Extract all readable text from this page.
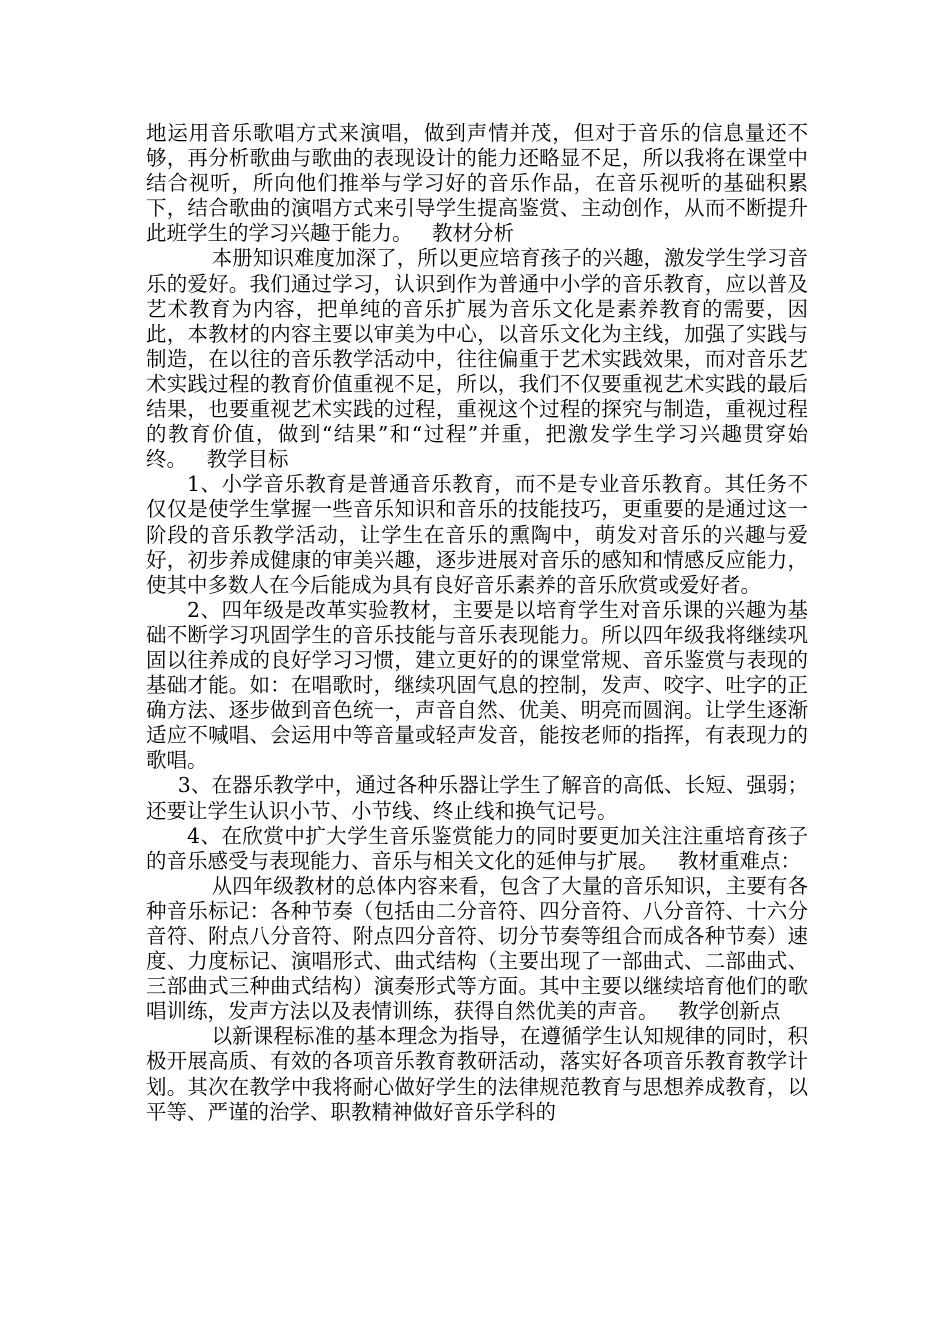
地运用音乐歌唱方式来演唱，做到声情并茂，但对于音乐的信息量还不够，再分析歌曲与歌曲的表现设计的能力还略显不足，所以我将在课堂中结合视听，所向他们推举与学习好的音乐作品，在音乐视听的基础积累下，结合歌曲的演唱方式来引导学生提高鉴赏、主动创作，从而不断提升此班学生的学习兴趣于能力。 教材分析

本册知识难度加深了，所以更应培育孩子的兴趣，激发学生学习音乐的爱好。我们通过学习，认识到作为普通中小学的音乐教育，应以普及艺术教育为内容，把单纯的音乐扩展为音乐文化是素养教育的需要，因此，本教材的内容主要以审美为中心，以音乐文化为主线，加强了实践与制造，在以往的音乐教学活动中，往往偏重于艺术实践效果，而对音乐艺术实践过程的教育价值重视不足，所以，我们不仅要重视艺术实践的最后结果，也要重视艺术实践的过程，重视这个过程的探究与制造，重视过程的教育价值，做到“结果”和“过程”并重，把激发学生学习兴趣贯穿始终。 教学目标

1、小学音乐教育是普通音乐教育，而不是专业音乐教育。其任务不仅仅是使学生掌握一些音乐知识和音乐的技能技巧，更重要的是通过这一阶段的音乐教学活动，让学生在音乐的熏陶中，萌发对音乐的兴趣与爱好，初步养成健康的审美兴趣，逐步进展对音乐的感知和情感反应能力，使其中多数人在今后能成为具有良好音乐素养的音乐欣赏或爱好者。

2、四年级是改革实验教材，主要是以培育学生对音乐课的兴趣为基础不断学习巩固学生的音乐技能与音乐表现能力。所以四年级我将继续巩固以往养成的良好学习习惯，建立更好的的课堂常规、音乐鉴赏与表现的基础才能。如：在唱歌时，继续巩固气息的控制，发声、咬字、吐字的正确方法、逐步做到音色统一，声音自然、优美、明亮而圆润。让学生逐渐适应不喊唱、会运用中等音量或轻声发音，能按老师的指挥，有表现力的歌唱。

3、在器乐教学中，通过各种乐器让学生了解音的高低、长短、强弱；还要让学生认识小节、小节线、终止线和换气记号。

4、在欣赏中扩大学生音乐鉴赏能力的同时要更加关注注重培育孩子的音乐感受与表现能力、音乐与相关文化的延伸与扩展。 教材重难点：

从四年级教材的总体内容来看，包含了大量的音乐知识，主要有各种音乐标记：各种节奏（包括由二分音符、四分音符、八分音符、十六分音符、附点八分音符、附点四分音符、切分节奏等组合而成各种节奏）速度、力度标记、演唱形式、曲式结构（主要出现了一部曲式、二部曲式、三部曲式三种曲式结构）演奏形式等方面。其中主要以继续培育他们的歌唱训练，发声方法以及表情训练，获得自然优美的声音。 教学创新点

以新课程标准的基本理念为指导，在遵循学生认知规律的同时，积极开展高质、有效的各项音乐教育教研活动，落实好各项音乐教育教学计划。其次在教学中我将耐心做好学生的法律规范教育与思想养成教育，以平等、严谨的治学、职教精神做好音乐学科的
